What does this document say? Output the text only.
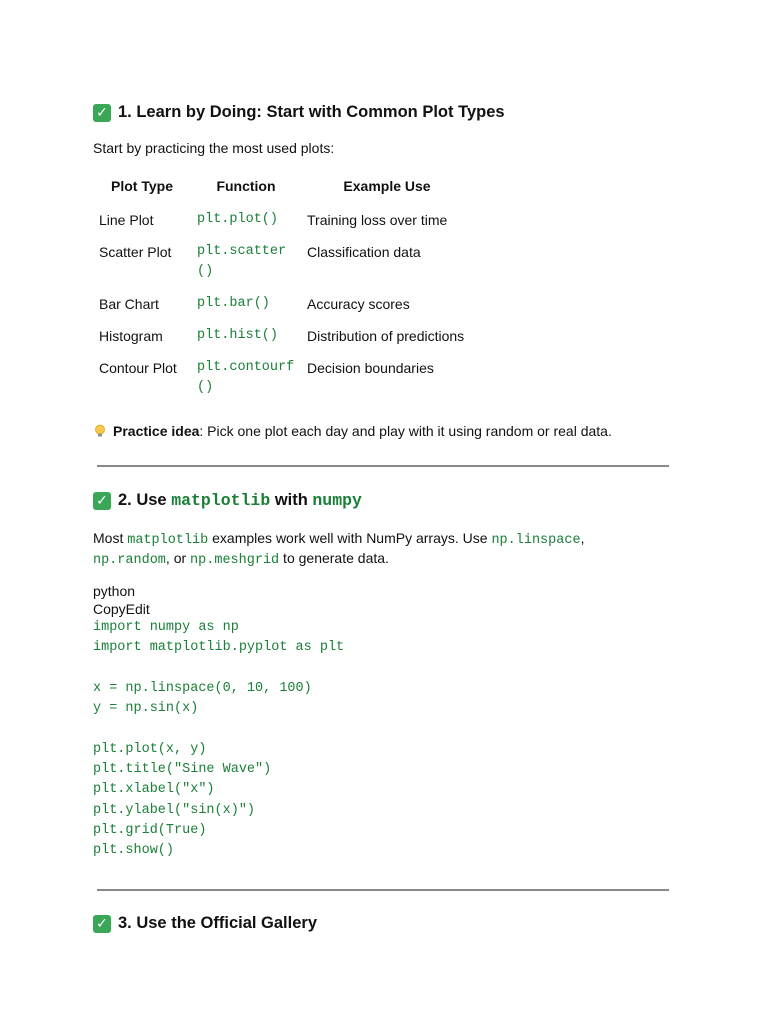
✓ 1. Learn by Doing: Start with Common Plot Types
Start by practicing the most used plots:
Plot Type	Function	Example Use
Line Plot	plt.plot()	Training loss over time
Scatter Plot	plt.scatter()	Classification data
Bar Chart	plt.bar()	Accuracy scores
Histogram	plt.hist()	Distribution of predictions
Contour Plot	plt.contourf()	Decision boundaries
Practice idea: Pick one plot each day and play with it using random or real data.
✓ 2. Use matplotlib with numpy
Most matplotlib examples work well with NumPy arrays. Use np.linspace,
np.random, or np.meshgrid to generate data.
python
CopyEdit
import numpy as np
import matplotlib.pyplot as plt
x = np.linspace(0, 10, 100)
y = np.sin(x)
plt.plot(x, y)
plt.title("Sine Wave")
plt.xlabel("x")
plt.ylabel("sin(x)")
plt.grid(True)
plt.show()
✓ 3. Use the Official Gallery
